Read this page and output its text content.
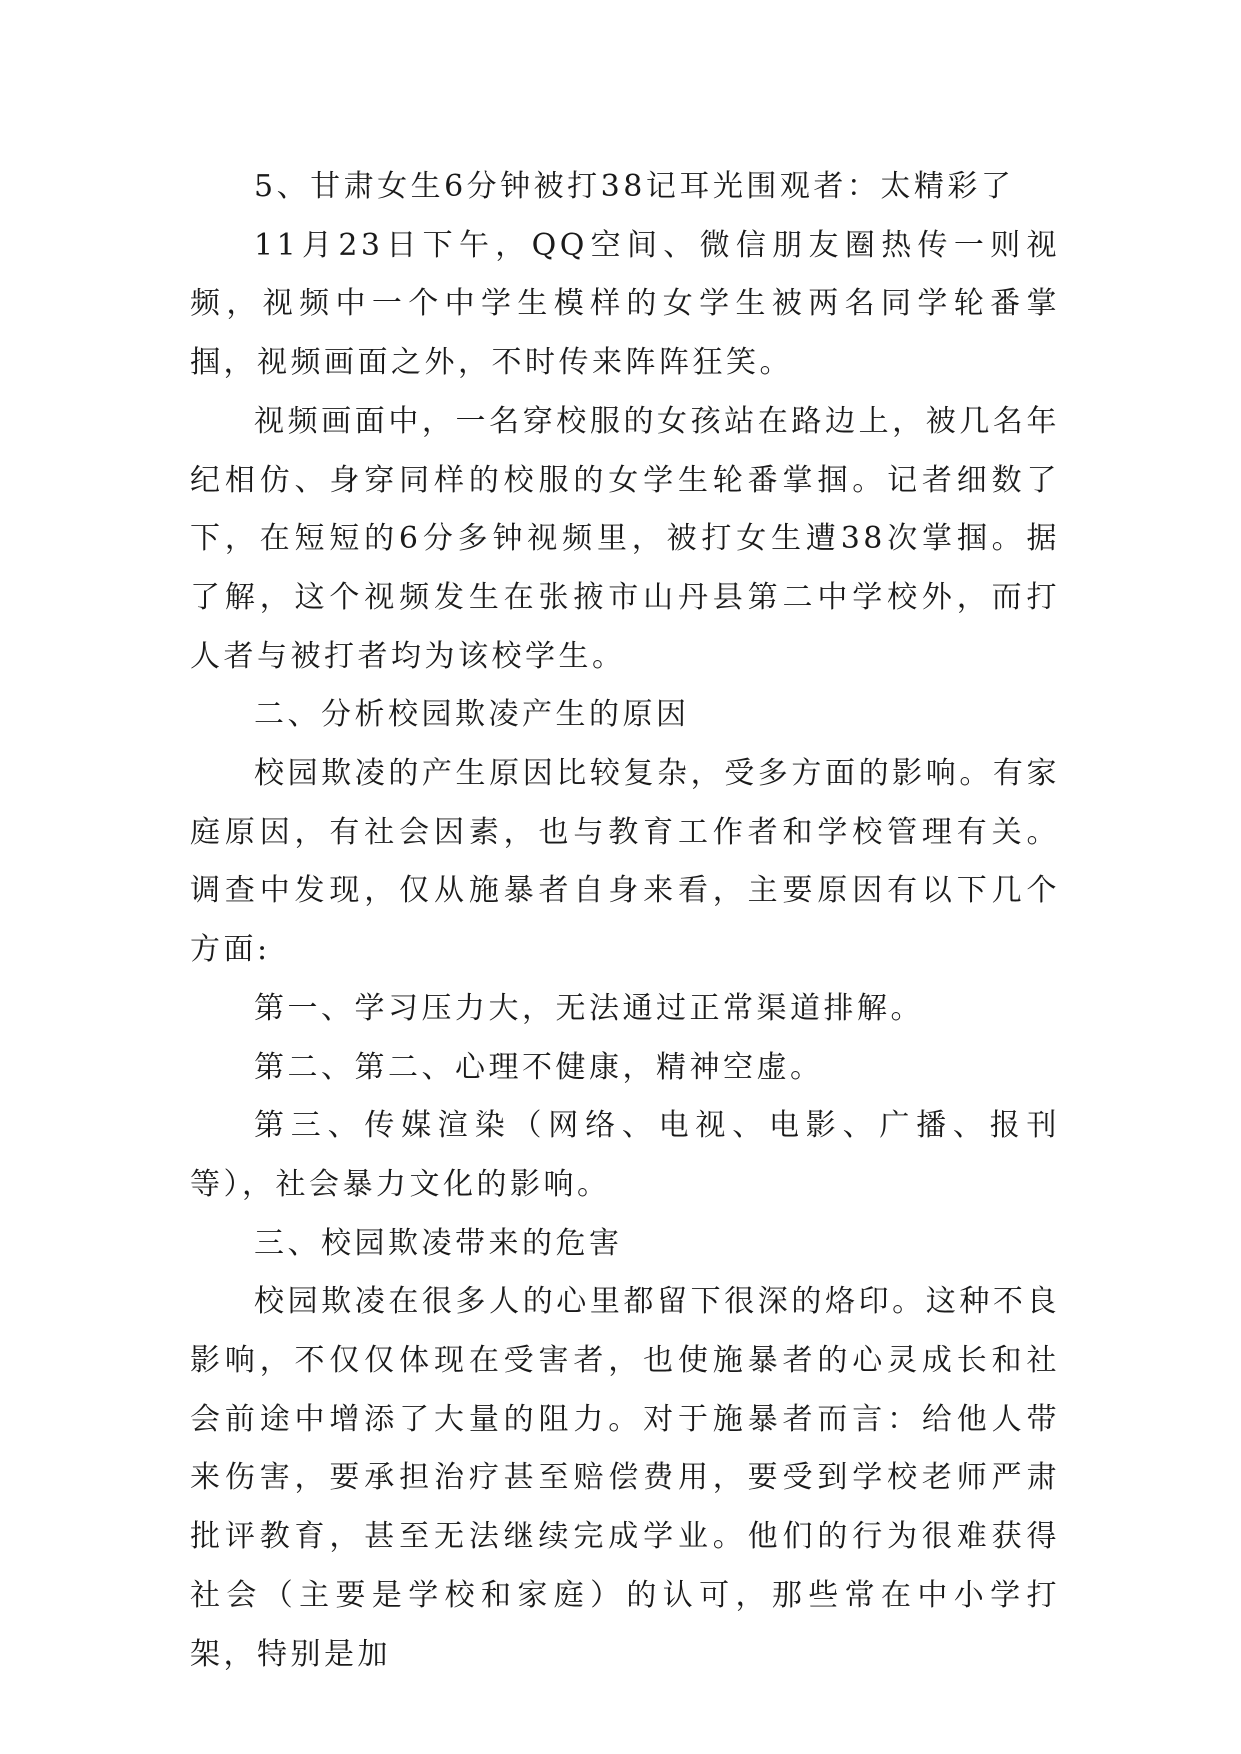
5、甘肃女生6分钟被打38记耳光围观者：太精彩了

11月23日下午，QQ空间、微信朋友圈热传一则视频，视频中一个中学生模样的女学生被两名同学轮番掌掴，视频画面之外，不时传来阵阵狂笑。

视频画面中，一名穿校服的女孩站在路边上，被几名年纪相仿、身穿同样的校服的女学生轮番掌掴。记者细数了下，在短短的6分多钟视频里，被打女生遭38次掌掴。据了解，这个视频发生在张掖市山丹县第二中学校外，而打人者与被打者均为该校学生。

二、分析校园欺凌产生的原因

校园欺凌的产生原因比较复杂，受多方面的影响。有家庭原因，有社会因素，也与教育工作者和学校管理有关。调查中发现，仅从施暴者自身来看，主要原因有以下几个方面:

第一、学习压力大，无法通过正常渠道排解。

第二、第二、心理不健康，精神空虚。

第三、传媒渲染（网络、电视、电影、广播、报刊等），社会暴力文化的影响。

三、校园欺凌带来的危害

校园欺凌在很多人的心里都留下很深的烙印。这种不良影响，不仅仅体现在受害者，也使施暴者的心灵成长和社会前途中增添了大量的阻力。对于施暴者而言：给他人带来伤害，要承担治疗甚至赔偿费用，要受到学校老师严肃批评教育，甚至无法继续完成学业。他们的行为很难获得社会（主要是学校和家庭）的认可，那些常在中小学打架，特别是加
